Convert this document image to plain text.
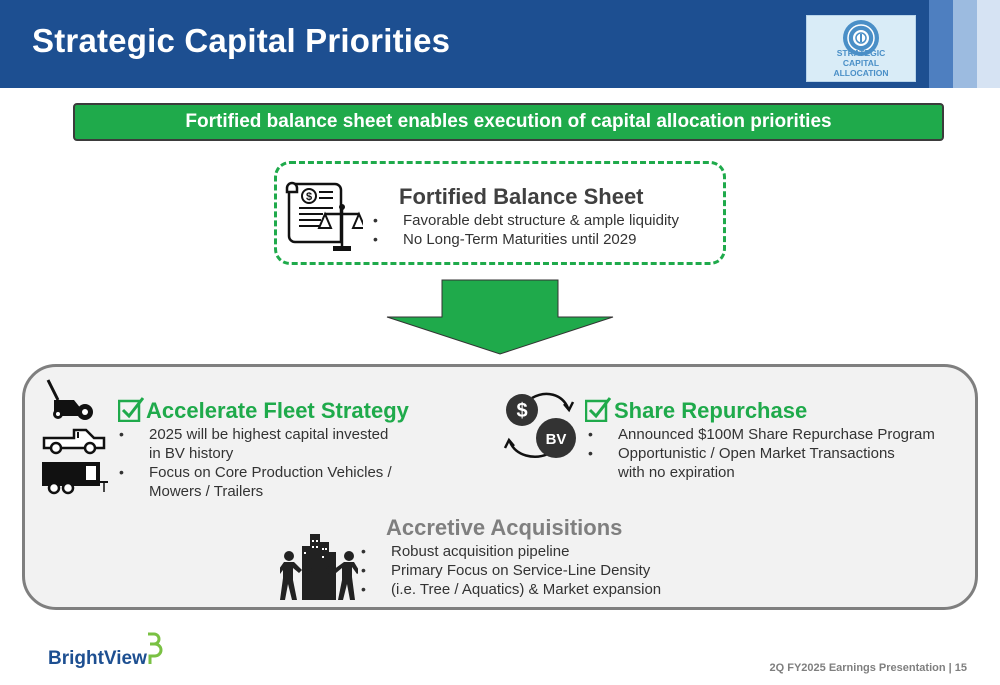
Strategic Capital Priorities	STRATEGIC
CAPITAL
ALLOCATION
Fortified balance sheet enables execution of capital allocation priorities
$	Fortified Balance Sheet
• Favorable debt structure & ample liquidity
• No Long-Term Maturities until 2029
Accelerate Fleet Strategy
• 2025 will be highest capital invested
in BV history
• Focus on Core Production Vehicles /
Mowers / Trailers
$
BV
Share Repurchase
• Announced $100M Share Repurchase Program
• Opportunistic / Open Market Transactions
with no expiration
Accretive Acquisitions
• Robust acquisition pipeline
• Primary Focus on Service-Line Density
• (i.e. Tree / Aquatics) & Market expansion
BrightView	2Q FY2025 Earnings Presentation | 15
